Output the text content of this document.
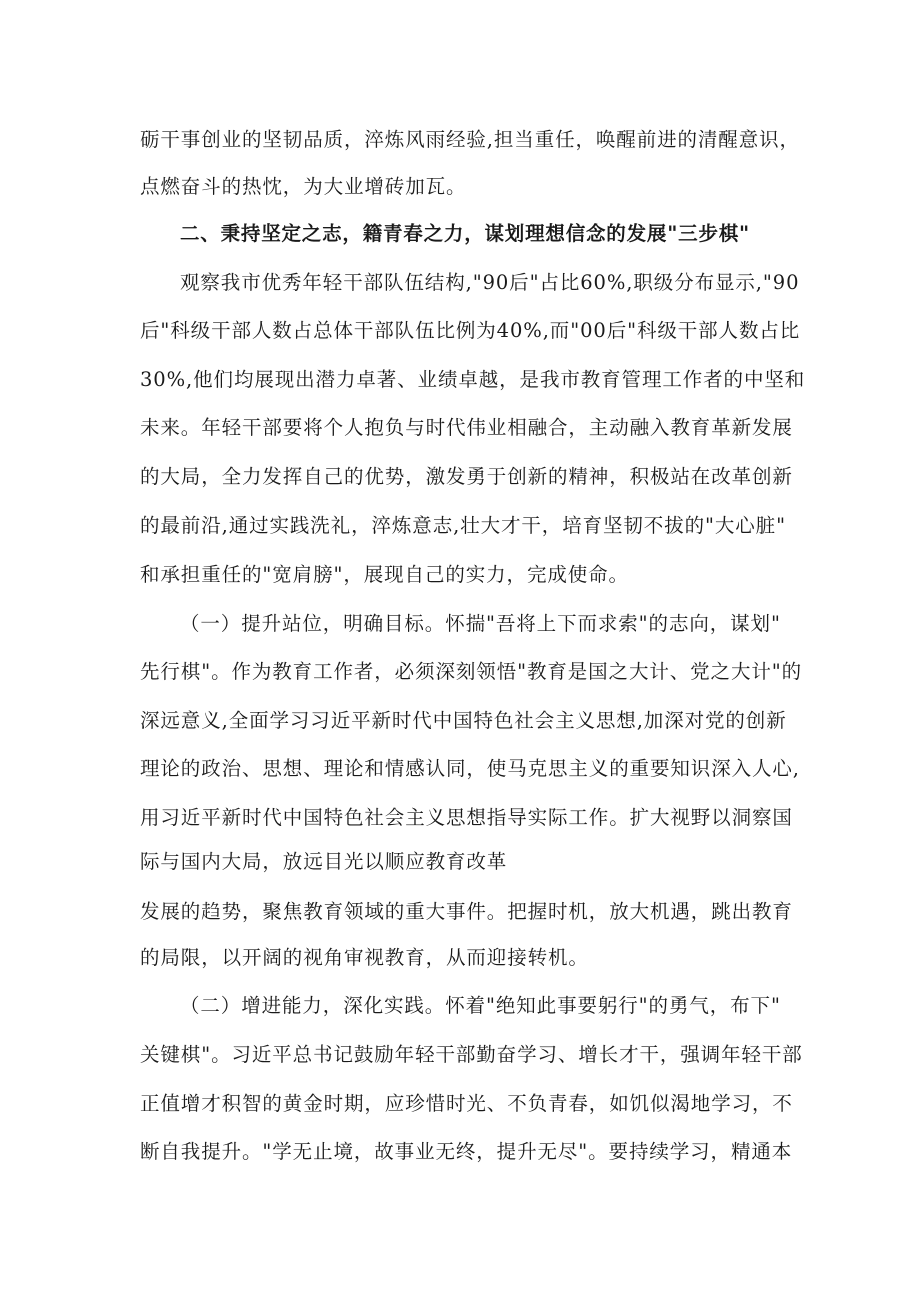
砺干事创业的坚韧品质，淬炼风雨经验,担当重任，唤醒前进的清醒意识，
点燃奋斗的热忱，为大业增砖加瓦。
二、秉持坚定之志，籍青春之力，谋划理想信念的发展"三步棋"
观察我市优秀年轻干部队伍结构,"90后"占比60%,职级分布显示,"90
后"科级干部人数占总体干部队伍比例为40%,而"00后"科级干部人数占比
30%,他们均展现出潜力卓著、业绩卓越，是我市教育管理工作者的中坚和
未来。年轻干部要将个人抱负与时代伟业相融合，主动融入教育革新发展
的大局，全力发挥自己的优势，激发勇于创新的精神，积极站在改革创新
的最前沿,通过实践洗礼，淬炼意志,壮大才干，培育坚韧不拔的"大心脏"
和承担重任的"宽肩膀"，展现自己的实力，完成使命。
（一）提升站位，明确目标。怀揣"吾将上下而求索"的志向，谋划"
先行棋"。作为教育工作者，必须深刻领悟"教育是国之大计、党之大计"的
深远意义,全面学习习近平新时代中国特色社会主义思想,加深对党的创新
理论的政治、思想、理论和情感认同，使马克思主义的重要知识深入人心,
用习近平新时代中国特色社会主义思想指导实际工作。扩大视野以洞察国
际与国内大局，放远目光以顺应教育改革
发展的趋势，聚焦教育领域的重大事件。把握时机，放大机遇，跳出教育
的局限，以开阔的视角审视教育，从而迎接转机。
（二）增进能力，深化实践。怀着"绝知此事要躬行"的勇气，布下"
关键棋"。习近平总书记鼓励年轻干部勤奋学习、增长才干，强调年轻干部
正值增才积智的黄金时期，应珍惜时光、不负青春，如饥似渴地学习，不
断自我提升。"学无止境，故事业无终，提升无尽"。要持续学习，精通本
